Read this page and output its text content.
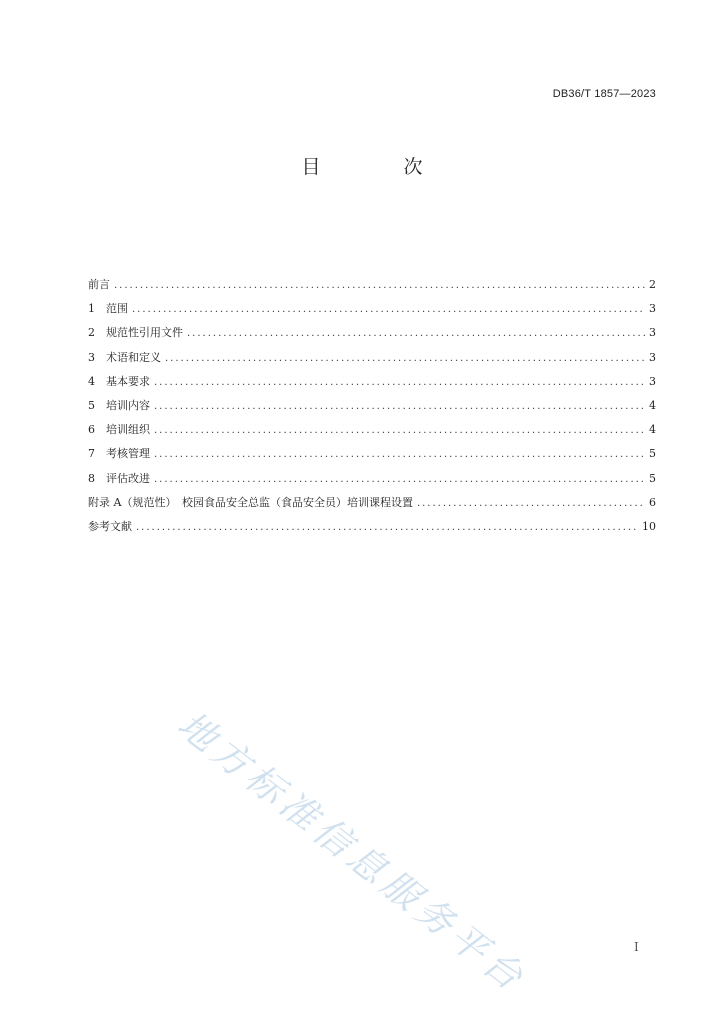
DB36/T 1857—2023
目　次
前言 .....	2
1	范围 .....	3
2	规范性引用文件 .....	3
3	术语和定义 .....	3
4	基本要求 .....	3
5	培训内容 .....	4
6	培训组织 .....	4
7	考核管理 .....	5
8	评估改进 .....	5
附录 A（规范性）　校园食品安全总监（食品安全员）培训课程设置 .....	6
参考文献 .....	10
地方标准信息服务平台	I
